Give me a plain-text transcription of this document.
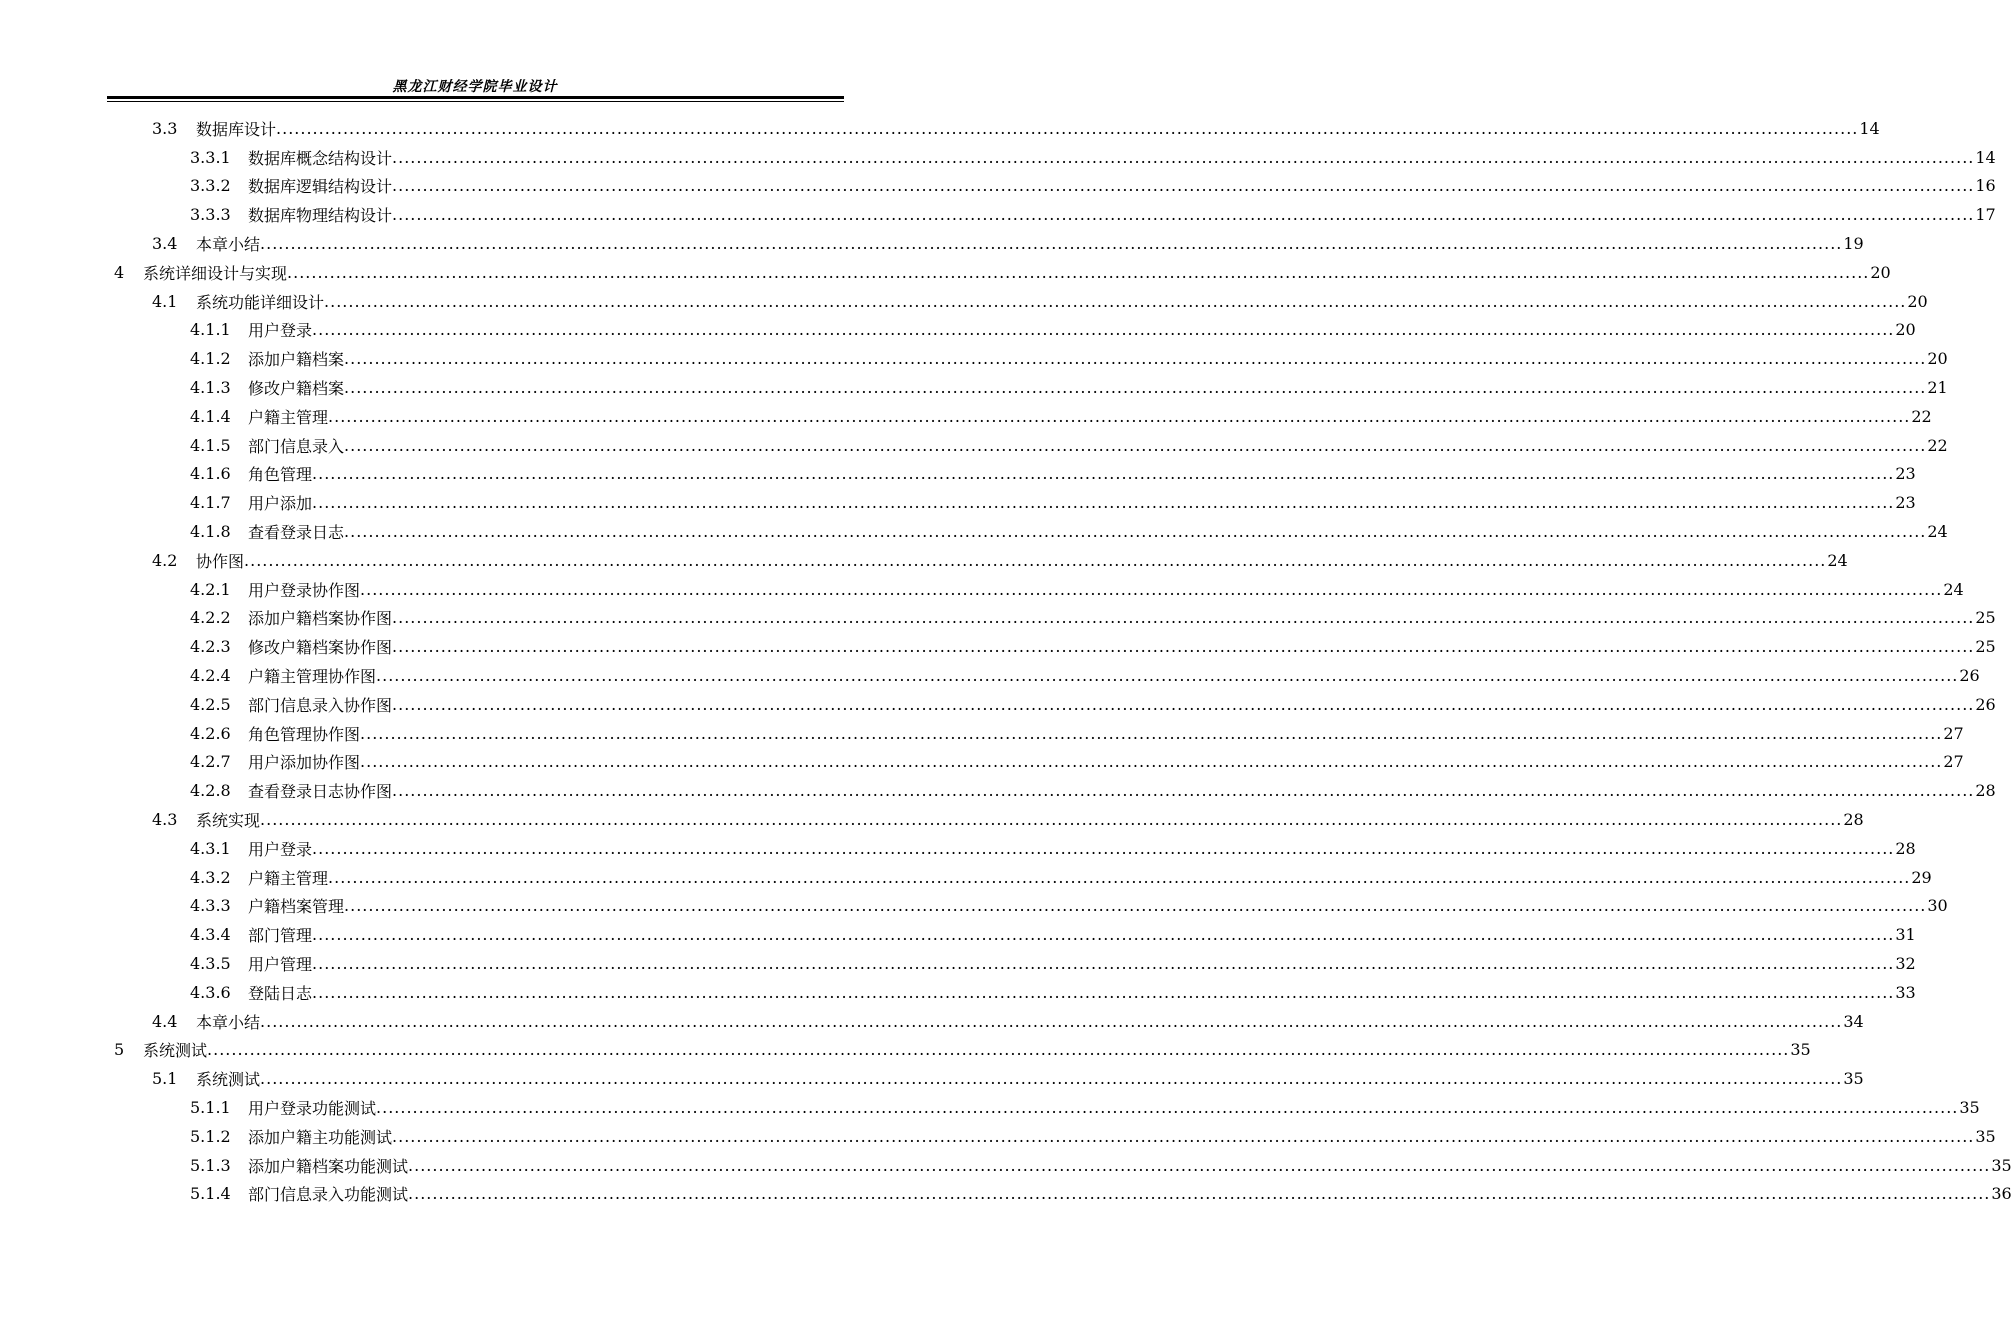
黑龙江财经学院毕业设计
3.3 数据库设计 .................................................................................................................................................................................................................................................................... 14
3.3.1 数据库概念结构设计 .................................................................................................................................................................................................................................................................... 14
3.3.2 数据库逻辑结构设计 .................................................................................................................................................................................................................................................................... 16
3.3.3 数据库物理结构设计 .................................................................................................................................................................................................................................................................... 17
3.4 本章小结 .................................................................................................................................................................................................................................................................... 19
4 系统详细设计与实现 .................................................................................................................................................................................................................................................................... 20
4.1 系统功能详细设计 .................................................................................................................................................................................................................................................................... 20
4.1.1 用户登录 .................................................................................................................................................................................................................................................................... 20
4.1.2 添加户籍档案 .................................................................................................................................................................................................................................................................... 20
4.1.3 修改户籍档案 .................................................................................................................................................................................................................................................................... 21
4.1.4 户籍主管理 .................................................................................................................................................................................................................................................................... 22
4.1.5 部门信息录入 .................................................................................................................................................................................................................................................................... 22
4.1.6 角色管理 .................................................................................................................................................................................................................................................................... 23
4.1.7 用户添加 .................................................................................................................................................................................................................................................................... 23
4.1.8 查看登录日志 .................................................................................................................................................................................................................................................................... 24
4.2 协作图 .................................................................................................................................................................................................................................................................... 24
4.2.1 用户登录协作图 .................................................................................................................................................................................................................................................................... 24
4.2.2 添加户籍档案协作图 .................................................................................................................................................................................................................................................................... 25
4.2.3 修改户籍档案协作图 .................................................................................................................................................................................................................................................................... 25
4.2.4 户籍主管理协作图 .................................................................................................................................................................................................................................................................... 26
4.2.5 部门信息录入协作图 .................................................................................................................................................................................................................................................................... 26
4.2.6 角色管理协作图 .................................................................................................................................................................................................................................................................... 27
4.2.7 用户添加协作图 .................................................................................................................................................................................................................................................................... 27
4.2.8 查看登录日志协作图 .................................................................................................................................................................................................................................................................... 28
4.3 系统实现 .................................................................................................................................................................................................................................................................... 28
4.3.1 用户登录 .................................................................................................................................................................................................................................................................... 28
4.3.2 户籍主管理 .................................................................................................................................................................................................................................................................... 29
4.3.3 户籍档案管理 .................................................................................................................................................................................................................................................................... 30
4.3.4 部门管理 .................................................................................................................................................................................................................................................................... 31
4.3.5 用户管理 .................................................................................................................................................................................................................................................................... 32
4.3.6 登陆日志 .................................................................................................................................................................................................................................................................... 33
4.4 本章小结 .................................................................................................................................................................................................................................................................... 34
5 系统测试 .................................................................................................................................................................................................................................................................... 35
5.1 系统测试 .................................................................................................................................................................................................................................................................... 35
5.1.1 用户登录功能测试 .................................................................................................................................................................................................................................................................... 35
5.1.2 添加户籍主功能测试 .................................................................................................................................................................................................................................................................... 35
5.1.3 添加户籍档案功能测试 .................................................................................................................................................................................................................................................................... 35
5.1.4 部门信息录入功能测试 .................................................................................................................................................................................................................................................................... 36
